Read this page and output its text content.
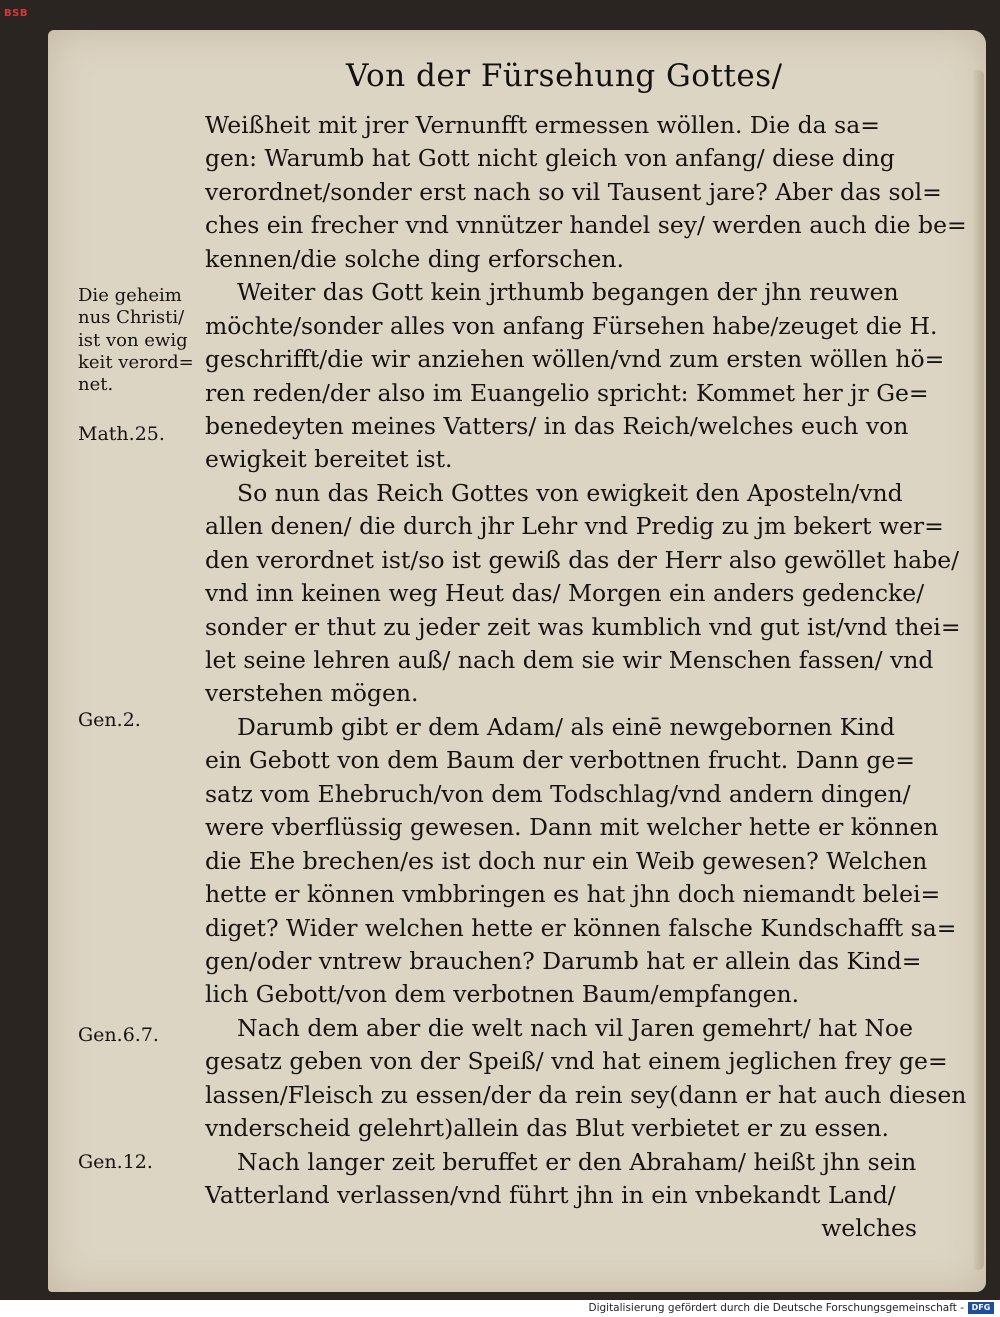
BSB
Von der Fürsehung Gottes/
Weißheit mit jrer Vernunfft ermessen wöllen. Die da sa=
gen: Warumb hat Gott nicht gleich von anfang/ diese ding
verordnet/sonder erst nach so vil Tausent jare? Aber das sol=
ches ein frecher vnd vnnützer handel sey/ werden auch die be=
kennen/die solche ding erforschen.
Weiter das Gott kein jrthumb begangen der jhn reuwen
möchte/sonder alles von anfang Fürsehen habe/zeuget die H.
geschrifft/die wir anziehen wöllen/vnd zum ersten wöllen hö=
ren reden/der also im Euangelio spricht: Kommet her jr Ge=
benedeyten meines Vatters/ in das Reich/welches euch von
ewigkeit bereitet ist.
So nun das Reich Gottes von ewigkeit den Aposteln/vnd
allen denen/ die durch jhr Lehr vnd Predig zu jm bekert wer=
den verordnet ist/so ist gewiß das der Herr also gewöllet habe/
vnd inn keinen weg Heut das/ Morgen ein anders gedencke/
sonder er thut zu jeder zeit was kumblich vnd gut ist/vnd thei=
let seine lehren auß/ nach dem sie wir Menschen fassen/ vnd
verstehen mögen.
Darumb gibt er dem Adam/ als einē newgebornen Kind
ein Gebott von dem Baum der verbottnen frucht. Dann ge=
satz vom Ehebruch/von dem Todschlag/vnd andern dingen/
were vberflüssig gewesen. Dann mit welcher hette er können
die Ehe brechen/es ist doch nur ein Weib gewesen? Welchen
hette er können vmbbringen es hat jhn doch niemandt belei=
diget? Wider welchen hette er können falsche Kundschafft sa=
gen/oder vntrew brauchen? Darumb hat er allein das Kind=
lich Gebott/von dem verbotnen Baum/empfangen.
Nach dem aber die welt nach vil Jaren gemehrt/ hat Noe
gesatz geben von der Speiß/ vnd hat einem jeglichen frey ge=
lassen/Fleisch zu essen/der da rein sey(dann er hat auch diesen
vnderscheid gelehrt)allein das Blut verbietet er zu essen.
Nach langer zeit beruffet er den Abraham/ heißt jhn sein
Vatterland verlassen/vnd führt jhn in ein vnbekandt Land/
welches
Die geheim
nus Christi/
ist von ewig
keit verord=
net.
Math.25.
Gen.2.
Gen.6.7.
Gen.12.
Digitalisierung gefördert durch die Deutsche Forschungsgemeinschaft - DFG
